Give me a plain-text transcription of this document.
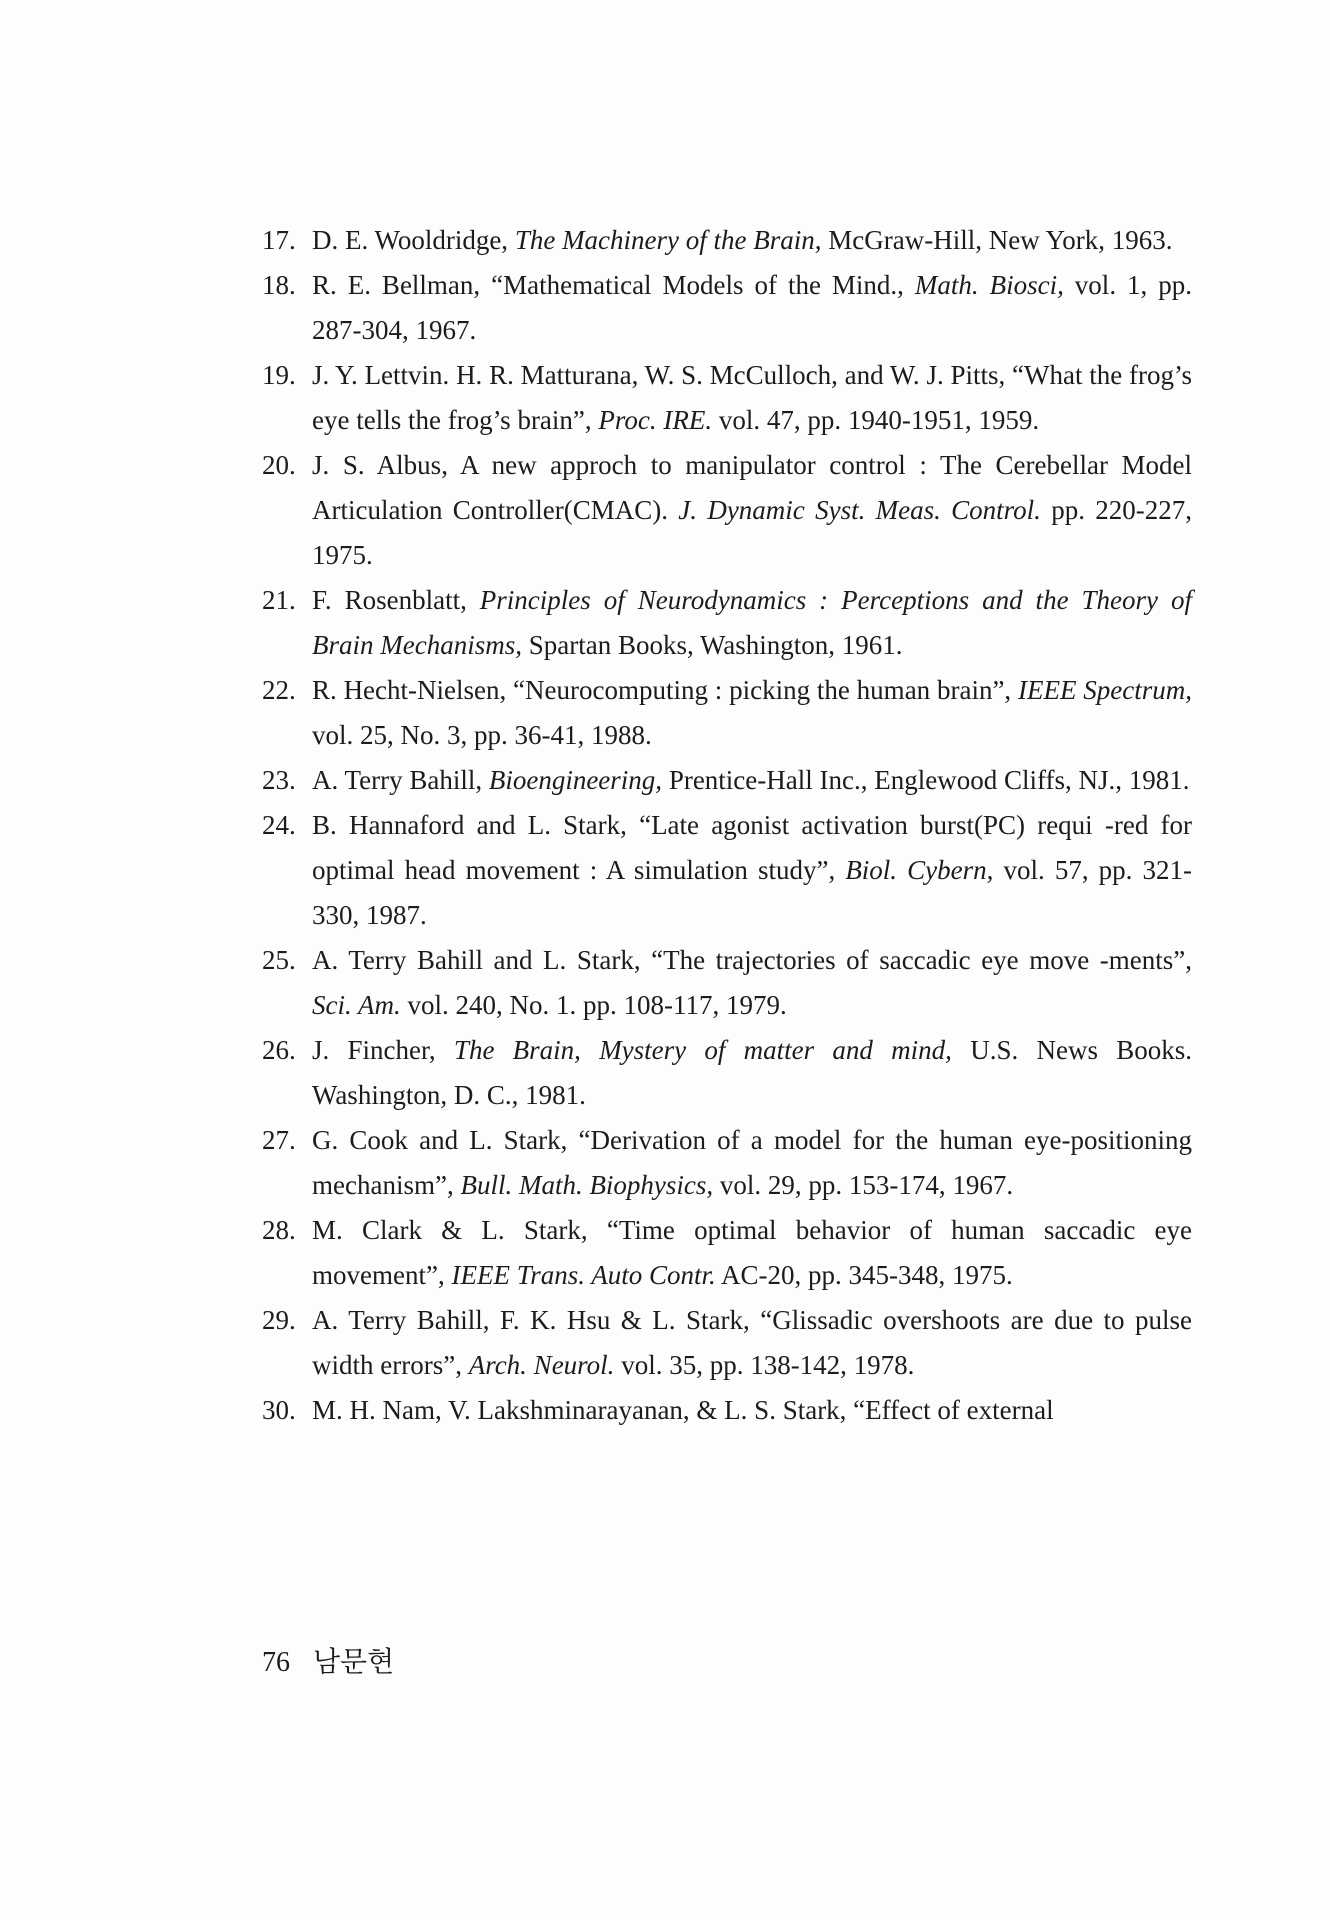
17. D. E. Wooldridge, The Machinery of the Brain, McGraw-Hill, New York, 1963.

18. R. E. Bellman, “Mathematical Models of the Mind., Math. Biosci, vol. 1, pp. 287-304, 1967.

19. J. Y. Lettvin. H. R. Matturana, W. S. McCulloch, and W. J. Pitts, “What the frog’s eye tells the frog’s brain”, Proc. IRE. vol. 47, pp. 1940-1951, 1959.

20. J. S. Albus, A new approch to manipulator control : The Cerebellar Model Articulation Controller(CMAC). J. Dynamic Syst. Meas. Control. pp. 220-227, 1975.

21. F. Rosenblatt, Principles of Neurodynamics : Perceptions and the Theory of Brain Mechanisms, Spartan Books, Washington, 1961.

22. R. Hecht-Nielsen, “Neurocomputing : picking the human brain”, IEEE Spectrum, vol. 25, No. 3, pp. 36-41, 1988.

23. A. Terry Bahill, Bioengineering, Prentice-Hall Inc., Englewood Cliffs, NJ., 1981.

24. B. Hannaford and L. Stark, “Late agonist activation burst(PC) requi -red for optimal head movement : A simulation study”, Biol. Cybern, vol. 57, pp. 321-330, 1987.

25. A. Terry Bahill and L. Stark, “The trajectories of saccadic eye move -ments”, Sci. Am. vol. 240, No. 1. pp. 108-117, 1979.

26. J. Fincher, The Brain, Mystery of matter and mind, U.S. News Books. Washington, D. C., 1981.

27. G. Cook and L. Stark, “Derivation of a model for the human eye-positioning mechanism”, Bull. Math. Biophysics, vol. 29, pp. 153-174, 1967.

28. M. Clark & L. Stark, “Time optimal behavior of human saccadic eye movement”, IEEE Trans. Auto Contr. AC-20, pp. 345-348, 1975.

29. A. Terry Bahill, F. K. Hsu & L. Stark, “Glissadic overshoots are due to pulse width errors”, Arch. Neurol. vol. 35, pp. 138-142, 1978.

30. M. H. Nam, V. Lakshminarayanan, & L. S. Stark, “Effect of external

76 남문현
